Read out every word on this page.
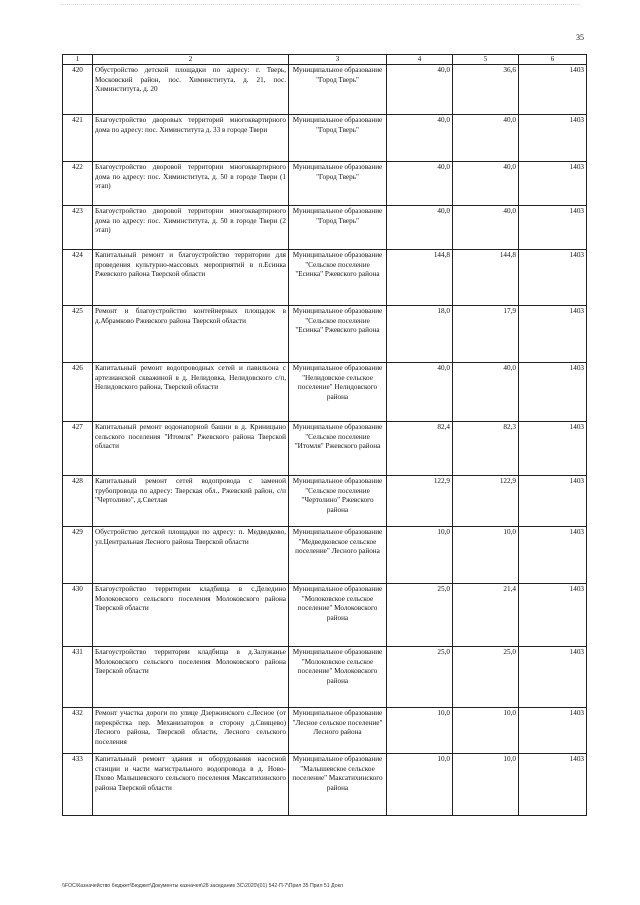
35
1	2	3	4	5	6
420	Обустройство детской площадки по адресу: г. Тверь, Московский район, пос. Химинститута, д. 21, пос. Химинститута, д. 20	Муниципальное образование "Город Тверь"	40,0	36,6	1403
421	Благоустройство дворовых территорий многоквартирного дома по адресу: пос. Химинститута д. 33 в городе Твери	Муниципальное образование "Город Тверь"	40,0	40,0	1403
422	Благоустройство дворовой территории многоквартирного дома по адресу: пос. Химинститута, д. 50 в городе Твери (1 этап)	Муниципальное образование "Город Тверь"	40,0	40,0	1403
423	Благоустройство дворовой территории многоквартирного дома по адресу: пос. Химинститута, д. 50 в городе Твери (2 этап)	Муниципальное образование "Город Тверь"	40,0	40,0	1403
424	Капитальный ремонт и благоустройство территории для проведения культурно-массовых мероприятий в п.Есинка Ржевского района Тверской области	Муниципальное образование "Сельское поселение "Есинка" Ржевского района	144,8	144,8	1403
425	Ремонт и благоустройство контейнерных площадок в д.Абрамково Ржевского района Тверской области	Муниципальное образование "Сельское поселение "Есинка" Ржевского района	18,0	17,9	1403
426	Капитальный ремонт водопроводных сетей и павильона с артезианской скважиной в д. Нелидовка, Нелидовского с/п, Нелидовского района, Тверской области	Муниципальное образование "Нелидовское сельское поселение" Нелидовского района	40,0	40,0	1403
427	Капитальный ремонт водонапорной башни в д. Криницыно сельского поселения "Итомля" Ржевского района Тверской области	Муниципальное образование "Сельское поселение "Итомля" Ржевского района	82,4	82,3	1403
428	Капитальный ремонт сетей водопровода с заменой трубопровода по адресу: Тверская обл., Ржевский район, с/п "Чертолино", д.Светлая	Муниципальное образование "Сельское поселение "Чертолино" Ржевского района	122,9	122,9	1403
429	Обустройство детской площадки по адресу: п. Медведково, ул.Центральная Лесного района Тверской области	Муниципальное образование "Медведковское сельское поселение" Лесного района	10,0	10,0	1403
430	Благоустройство территории кладбища в с.Деледино Молоковского сельского поселения Молоковского района Тверской области	Муниципальное образование "Молоковское сельское поселение" Молоковского района	25,0	21,4	1403
431	Благоустройство территории кладбища в д.Залужанье Молоковского сельского поселения Молоковского района Тверской области	Муниципальное образование "Молоковское сельское поселение" Молоковского района	25,0	25,0	1403
432	Ремонт участка дороги по улице Дзержинского с.Лесное (от перекрёстка пер. Механизаторов в сторону д.Свищево) Лесного района, Тверской области, Лесного сельского поселения	Муниципальное образование "Лесное сельское поселение" Лесного района	10,0	10,0	1403
433	Капитальный ремонт здания и оборудования насосной станции и части магистрального водопровода в д. Ново-Пхово Малышевского сельского поселения Максатихинского района Тверской области	Муниципальное образование "Малышевское сельское поселение" Максатихинского района	10,0	10,0	1403
\\FOC\Казначейство бюджет\Бюджет\Документы казначея\28 заседание ЗС\2020\(01) 542-П-7\Прил 35 Прил 51 Докл
